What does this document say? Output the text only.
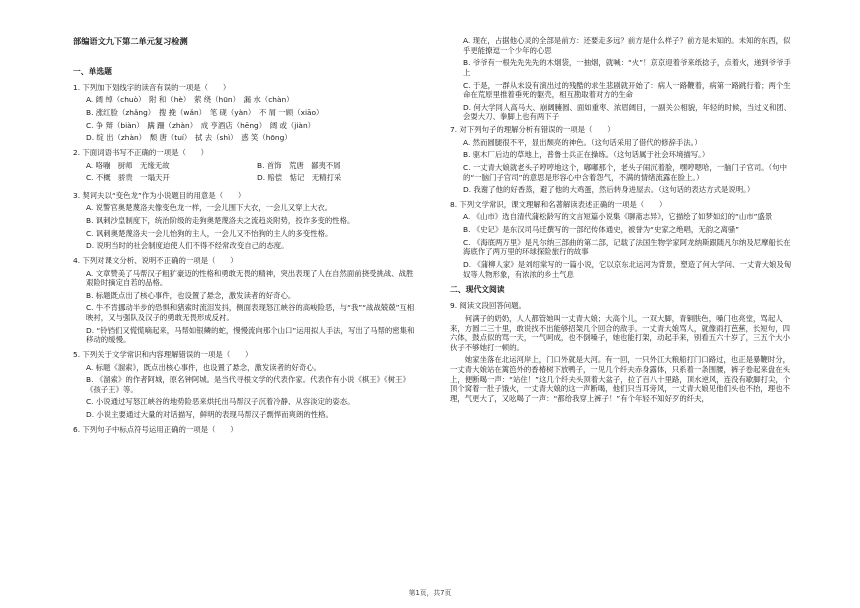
部编语文九下第二单元复习检测
一、单选题
1. 下列加下划线字的读音有误的一项是（　　）
A. 阔 绰（chuò）　附 和（hè）　萦 绕（hūn）　漏 水（chàn）
B. 涨红脸（zhǎng）　搜 挽（wǎn）　笔 砚（yàn）　不 屑 一顾（xiāo）
C. 争 辩（biàn）　蹒 跚（zhàn）　成 亨酒店（hēng）　阔 或（jiàn）
D. 绽 出（zhàn）　颓 唐（tuí）　拭 去（shì）　惑 笑（hōng）
2. 下面词语书写不正确的一项是（　　）
A. 咯嘣　厨师　无缘无故	B. 首饰　荒唐　鄙夷不屑
C. 不概　骄贵　一塌天开	D. 赔偿　惦记　无精打采
3. 契诃夫以“变色龙”作为小说题目的用意是（　　）
A. 说警官奥楚蔑洛夫像变色龙一样，一会儿围下大衣，一会儿又穿上大衣。
B. 讽刺沙皇制度下，统治阶级的走狗奥楚蔑洛夫之流趋炎附势，投诈多变的性格。
C. 讽刺奥楚蔑洛夫一会儿怡狗的主人，一会儿又不怡狗的主人的多变性格。
D. 说明当时的社会制度迫使人们不得不经常改变自己的态度。
4. 下列对课文分析、说明不正确的一项是（　　）
A. 文章赞美了马帮汉子粗犷豪迈的性格和勇敢无畏的精神，突出表现了人在自然面前挠受挑战、战胜艰险时摘定自若的品格。
B. 标题既点出了核心事件，也设置了悬念，激发读者的好奇心。
C. 牛不肯挪动半步的恐惧和猪索时流泪发抖，侧面表现怒江峡谷的高峻险恶，与“我”“战战兢兢”互相映衬，又与强队及汉子的勇敢无畏形成反衬。
D. “铃铛们又慌慌嘀起来，马帮如银鳞的蛇，慢慢流向那个山口”运用拟人手法，写出了马帮的密集和移动的缓慢。
5. 下列关于文学常识和内容理解错误的一项是（　　）
A. 标题《溜索》，既点出核心事件，也设置了悬念，激发读者的好奇心。
B. 《溜索》的作者阿城，原名钟阿城。是当代寻根文学的代表作家。代表作有小说《棋王》《树王》《孩子王》等。
C. 小说通过写怒江峡谷的地势险恶来烘托出马帮汉子沉着冷静、从容淡定的姿态。
D. 小说主要通过大量的对话描写，鲜明的表现马帮汉子剽悍而爽朗的性格。
6. 下列句子中标点符号运用正确的一项是（　　）
A. 现在，占据他心灵的全部是前方：还要走多远？前方是什么样子？前方是未知的。未知的东西，似乎更能撩逗一个少年的心思
B. 爷爷有一根先先先先的木烟袋，一抽烟，就喊：“火”！京京迎着爷来纸捻子，点着火，递到爷爷手上
C. 于是，一群从未设有演出过的残酷的求生悲剧就开始了：病人一路鞭着，病第一路跳行着；两个生命在荒原里推着垂死的躯壳，相互勘取着对方的生命
D. 何大学同人高马大、崩阔臃圆、面如重枣、浓眉阔目，一副关公相貌，年轻的时候，当过义和团、会耍大刀、拳脚上也有两下子
7. 对下列句子的理解分析有错误的一项是（　　）
A. 然而圆腿很不平，显出颓亮的神色。（这句话采用了借代的修辞手法。）
B. 驱木厂后边的草地上，普鲁士兵正在操练。（这句话属于社会环境描写。）
C. 一丈青大娘就老头子哼哼地这个，嘟嘟那个，老头子闹沉着脸，嘿哼嗯哈，一脑门子官司。（句中的“一脑门子官司”的意思是形容心中含着怨气，不满的情绪流露在脸上。）
D. 我谢了他的好香蒸，避了他的大鸡蛋，然后转身进屋去。（这句话的表达方式是说明。）
8. 下列文学常识，课文理解和名著解读表述正确的一项是（　　）
A. 《山市》选自清代蒲松龄写的文言短篇小说集《聊斋志异》，它描绘了如梦如幻的“山市”盛景
B. 《史记》是东汉司马迁撰写的一部纪传体通史，被誉为“史家之绝唱，无韵之离骚”
C. 《海底两万里》是凡尔纳三部曲的第二部，记载了法国生物学家阿龙纳斯跟随凡尔纳及尼摩船长在海底作了两万里的环球探险旅行的故事
D. 《蒲柳人家》是刘绍棠写的一篇小说，它以京东北运河为背景，塑造了何大学问、一丈青大娘及匈奴等人物形象，有浓浓的乡土气息
二、现代文阅读
9. 阅读文段回答问题。
何满子的奶奶，人人都管她叫一丈青大娘；大高个儿，一双大脚，青铜肤色，嗓门也亮堂，骂起人来，方圆二三十里，敢说找不出能够招架几个回合的敌手。一丈青大娘骂人，就像雨打芭蕉，长短句，四六体，鼓点似的骂一天，一气呵成，也不倒嗓子，她也能打架，动起手来，别看五六十岁了，三五个大小伙子不够她打一顿的。
她家坐落在北运河岸上，门口外就是大河。有一回，一只外江大粮船打门口路过，也正是暴鞭时分，一丈青大娘站在篱笆外的香椿树下放鸭子，一见几个纤夫赤身露体，只系着一条围腰，裤子卷起来盘在头上，便断喝一声：“站住！”这几个纤夫头顶着大盆子，拉了百八十里路，顶水逆风，连没有歇脚打尖，个顶个窝着一肚子饿火，一丈青大娘的这一声断喝，他们只当耳旁风，一丈青大娘见他们头也不抬，理也不理，气更大了，又吆喝了一声：“都给我穿上裤子！”有个年轻不知好歹的纤夫，
第1页，共7页
